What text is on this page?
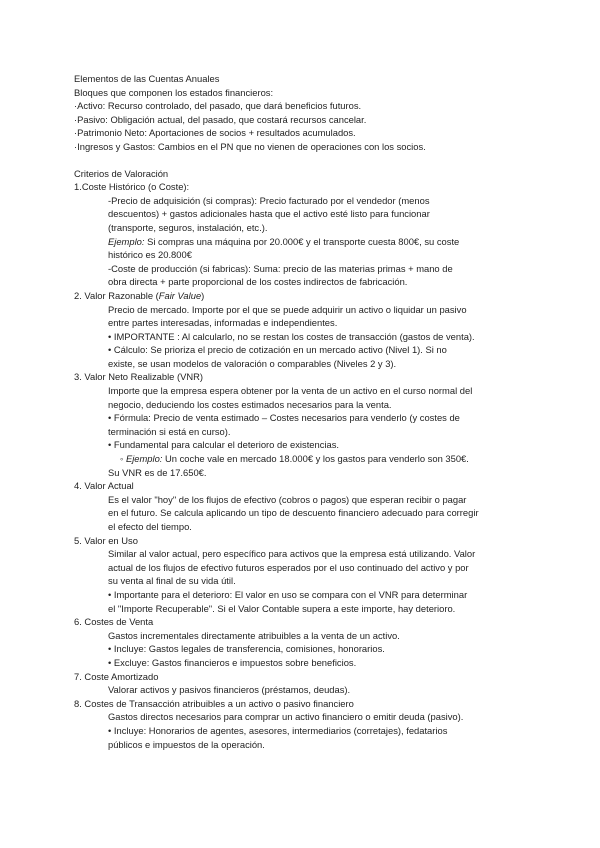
Elementos de las Cuentas Anuales
Bloques que componen los estados financieros:
·Activo: Recurso controlado, del pasado, que dará beneficios futuros.
·Pasivo: Obligación actual, del pasado, que costará recursos cancelar.
·Patrimonio Neto: Aportaciones de socios + resultados acumulados.
·Ingresos y Gastos: Cambios en el PN que no vienen de operaciones con los socios.
Criterios de Valoración
1.Coste Histórico (o Coste):
-Precio de adquisición (si compras): Precio facturado por el vendedor (menos
descuentos) + gastos adicionales hasta que el activo esté listo para funcionar
(transporte, seguros, instalación, etc.).
Ejemplo: Si compras una máquina por 20.000€ y el transporte cuesta 800€, su coste
histórico es 20.800€
-Coste de producción (si fabricas): Suma: precio de las materias primas + mano de
obra directa + parte proporcional de los costes indirectos de fabricación.
2. Valor Razonable (Fair Value)
Precio de mercado. Importe por el que se puede adquirir un activo o liquidar un pasivo
entre partes interesadas, informadas e independientes.
• IMPORTANTE : Al calcularlo, no se restan los costes de transacción (gastos de venta).
• Cálculo: Se prioriza el precio de cotización en un mercado activo (Nivel 1). Si no
existe, se usan modelos de valoración o comparables (Niveles 2 y 3).
3. Valor Neto Realizable (VNR)
Importe que la empresa espera obtener por la venta de un activo en el curso normal del
negocio, deduciendo los costes estimados necesarios para la venta.
• Fórmula: Precio de venta estimado – Costes necesarios para venderlo (y costes de
terminación si está en curso).
• Fundamental para calcular el deterioro de existencias.
◦ Ejemplo: Un coche vale en mercado 18.000€ y los gastos para venderlo son 350€.
Su VNR es de 17.650€.
4. Valor Actual
Es el valor "hoy" de los flujos de efectivo (cobros o pagos) que esperan recibir o pagar
en el futuro. Se calcula aplicando un tipo de descuento financiero adecuado para corregir
el efecto del tiempo.
5. Valor en Uso
Similar al valor actual, pero específico para activos que la empresa está utilizando. Valor
actual de los flujos de efectivo futuros esperados por el uso continuado del activo y por
su venta al final de su vida útil.
• Importante para el deterioro: El valor en uso se compara con el VNR para determinar
el "Importe Recuperable". Si el Valor Contable supera a este importe, hay deterioro.
6. Costes de Venta
Gastos incrementales directamente atribuibles a la venta de un activo.
• Incluye: Gastos legales de transferencia, comisiones, honorarios.
• Excluye: Gastos financieros e impuestos sobre beneficios.
7. Coste Amortizado
Valorar activos y pasivos financieros (préstamos, deudas).
8. Costes de Transacción atribuibles a un activo o pasivo financiero
Gastos directos necesarios para comprar un activo financiero o emitir deuda (pasivo).
• Incluye: Honorarios de agentes, asesores, intermediarios (corretajes), fedatarios
públicos e impuestos de la operación.
